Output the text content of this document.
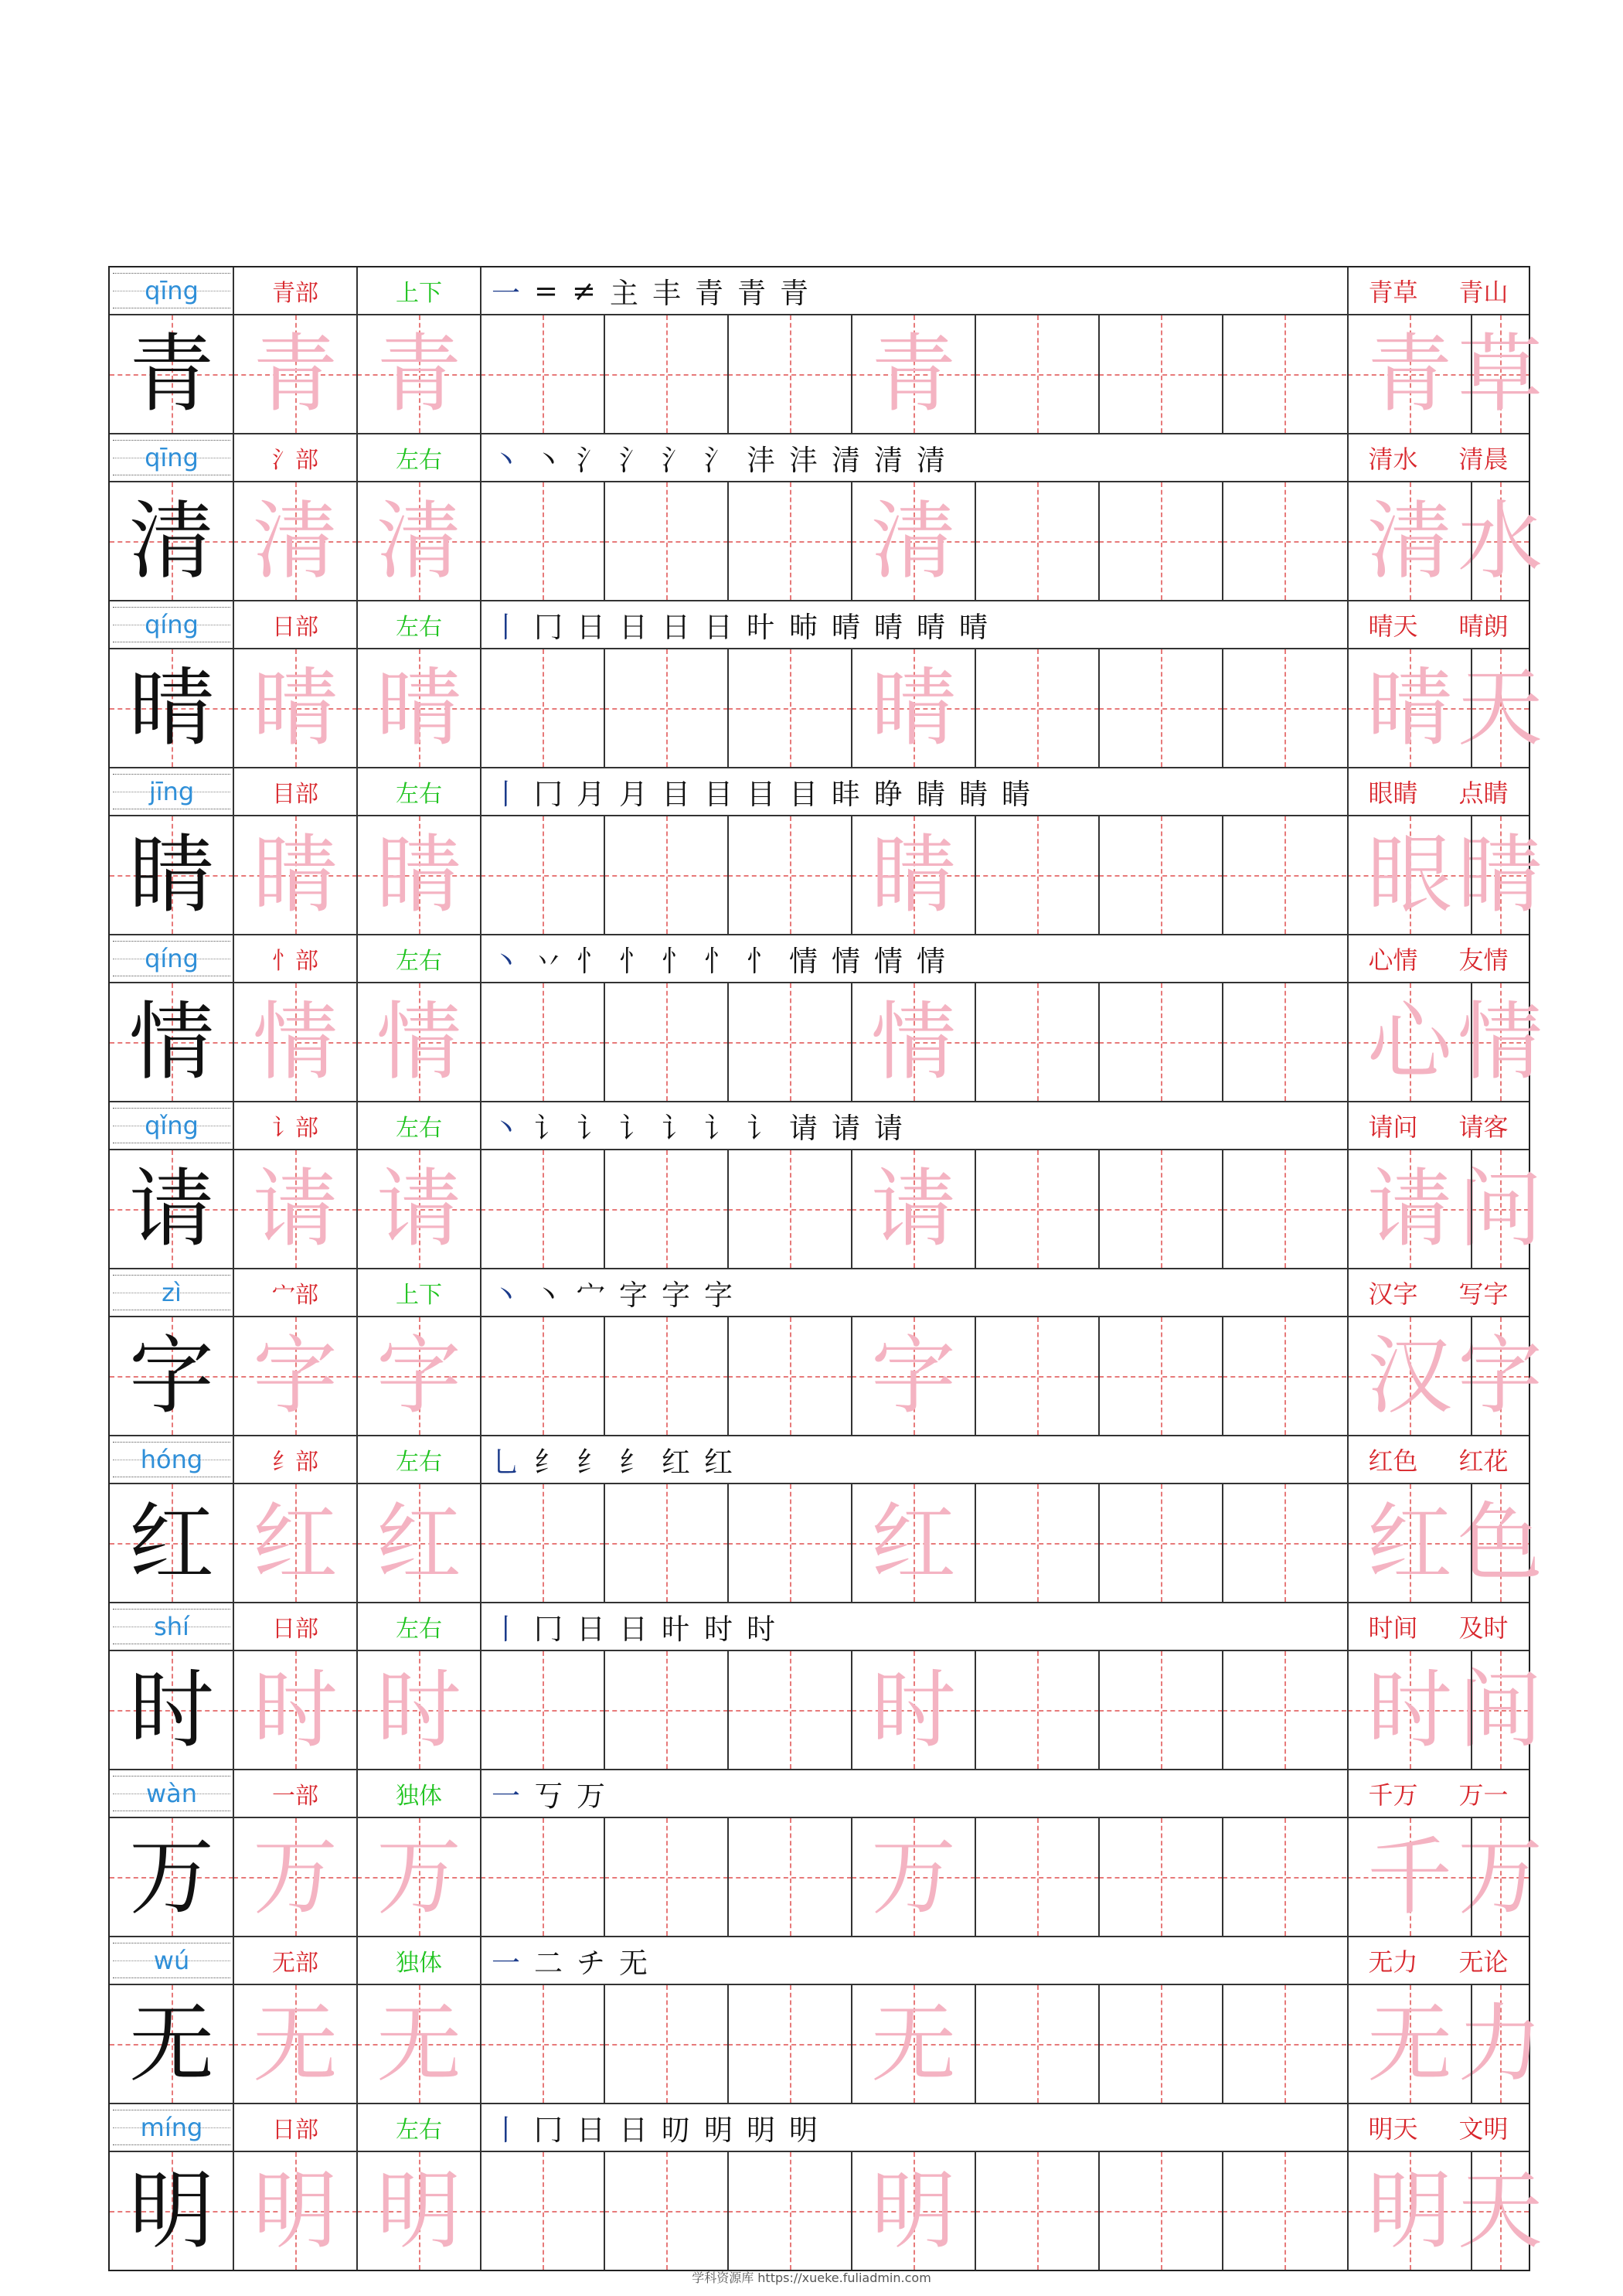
qīng	青部	上下	一 = ≠ 主 丰 青 青 青	青草 青山
青 青 青	青	青 草
qīng	氵部	左右	丶 丶 氵 氵 氵 氵 沣 沣 清 清 清	清水 清晨
清 清 清	清	清 水
qíng	日部	左右	丨 冂 日 日 日 日 旪 昁 晴 晴 晴 晴	晴天 晴朗
晴 晴 晴	晴	晴 天
jīng	目部	左右	丨 冂 月 月 目 目 目 目 盽 睁 睛 睛 睛	眼睛 点睛
睛 睛 睛	睛	眼 睛
qíng	忄部	左右	丶 丷 忄 忄 忄 忄 忄 情 情 情 情	心情 友情
情 情 情	情	心 情
qǐng	讠部	左右	丶 讠 讠 讠 讠 讠 讠 请 请 请	请问 请客
请 请 请	请	请 问
zì	宀部	上下	丶 丶 宀 字 字 字	汉字 写字
字 字 字	字	汉 字
hóng	纟部	左右	乚 纟 纟 纟 红 红	红色 红花
红 红 红	红	红 色
shí	日部	左右	丨 冂 日 日 旪 时 时	时间 及时
时 时 时	时	时 间
wàn	一部	独体	一 丂 万	千万 万一
万 万 万	万	千 万
wú	无部	独体	一 二 チ 无	无力 无论
无 无 无	无	无 力
míng	日部	左右	丨 冂 日 日 旫 明 明 明	明天 文明
明 明 明	明	明 天
学科资源库 https://xueke.fuliadmin.com
